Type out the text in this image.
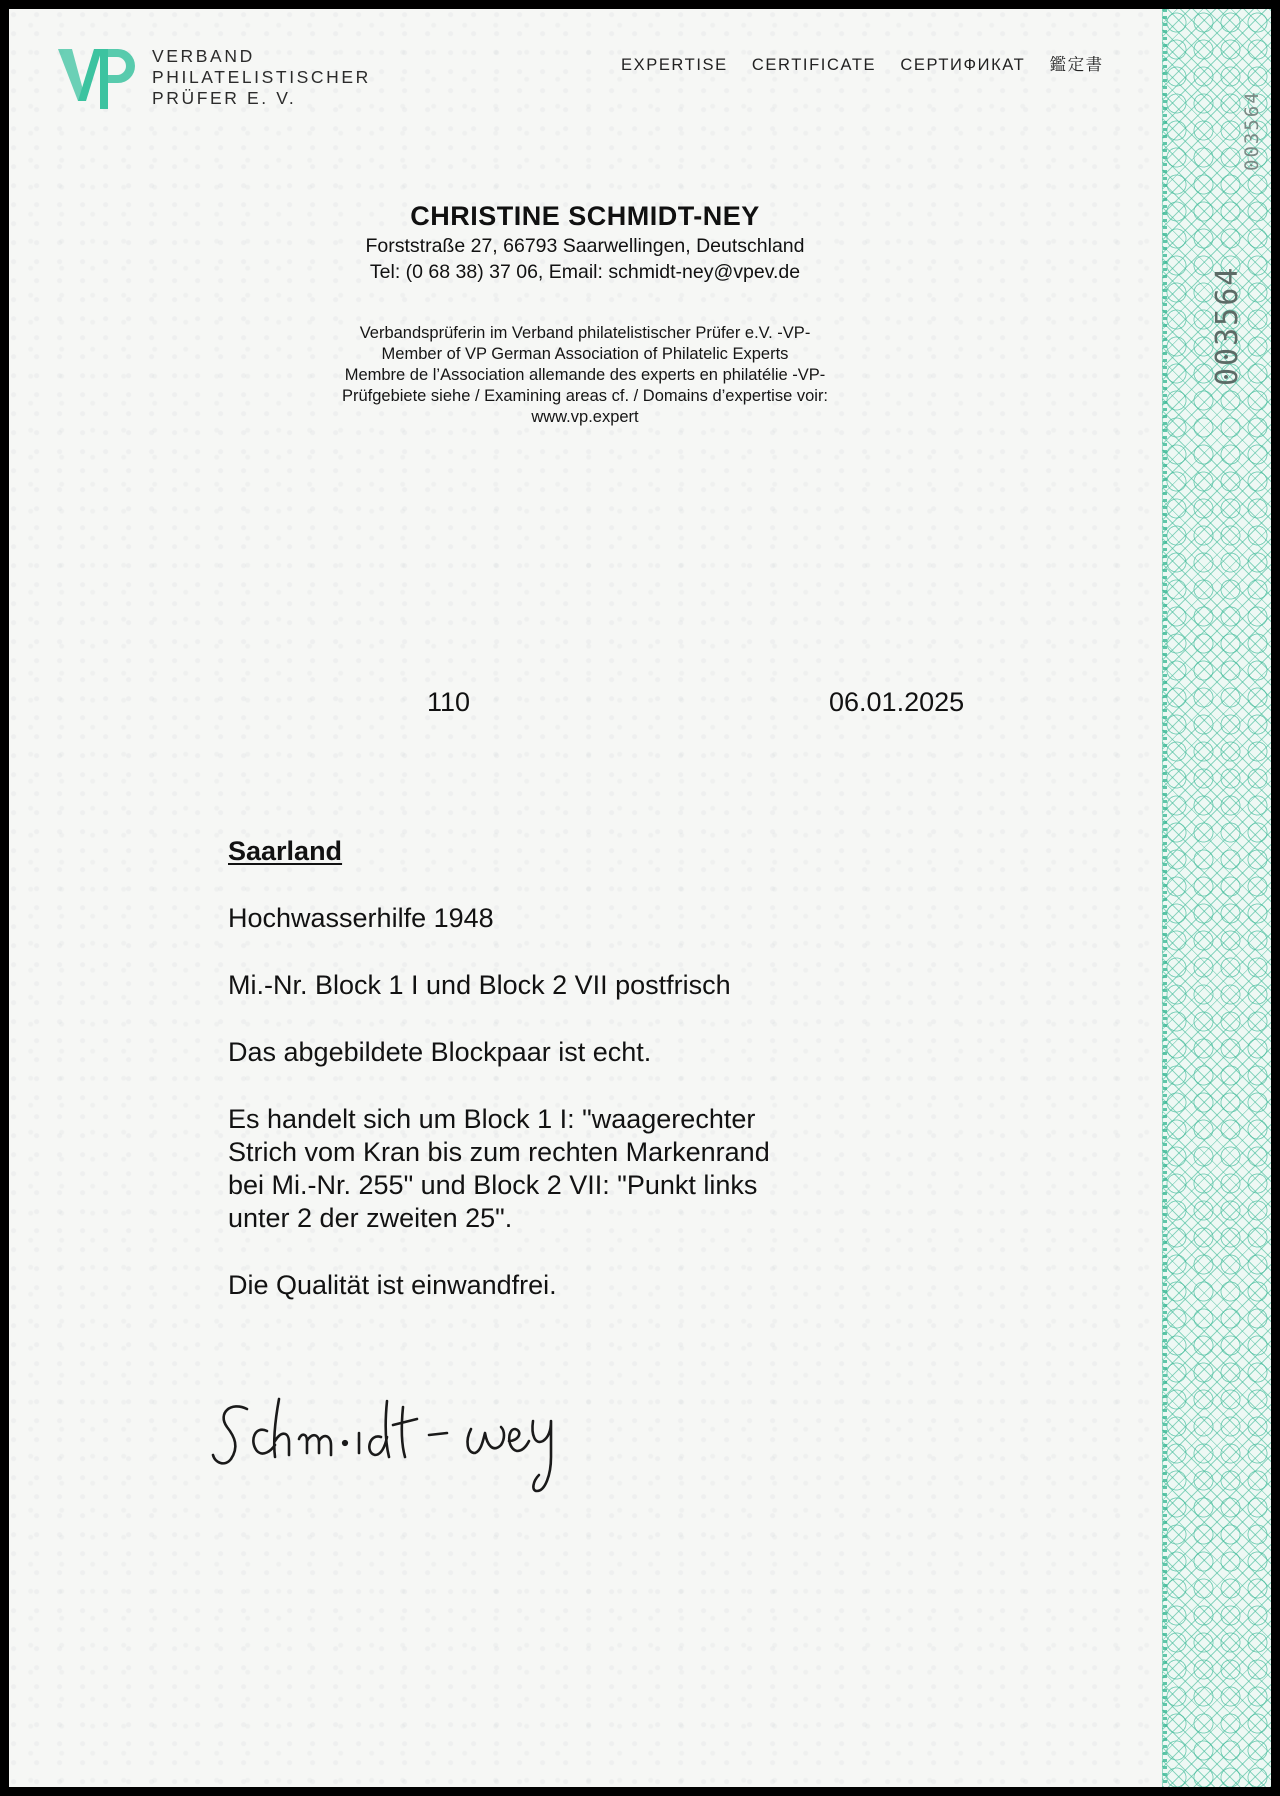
003564
003564
VERBAND
PHILATELISTISCHER
PRÜFER E. V.
EXPERTISE CERTIFICATE СЕРТИФИКАТ 鑑定書
CHRISTINE SCHMIDT-NEY
Forststraße 27, 66793 Saarwellingen, Deutschland
Tel: (0 68 38) 37 06, Email: schmidt-ney@vpev.de
Verbandsprüferin im Verband philatelistischer Prüfer e.V. -VP-
Member of VP German Association of Philatelic Experts
Membre de l’Association allemande des experts en philatélie -VP-
Prüfgebiete siehe / Examining areas cf. / Domains d’expertise voir:
www.vp.expert
110	06.01.2025
Saarland
Hochwasserhilfe 1948
Mi.-Nr. Block 1 I und Block 2 VII postfrisch
Das abgebildete Blockpaar ist echt.
Es handelt sich um Block 1 I: "waagerechter
Strich vom Kran bis zum rechten Markenrand
bei Mi.-Nr. 255" und Block 2 VII: "Punkt links
unter 2 der zweiten 25".
Die Qualität ist einwandfrei.
